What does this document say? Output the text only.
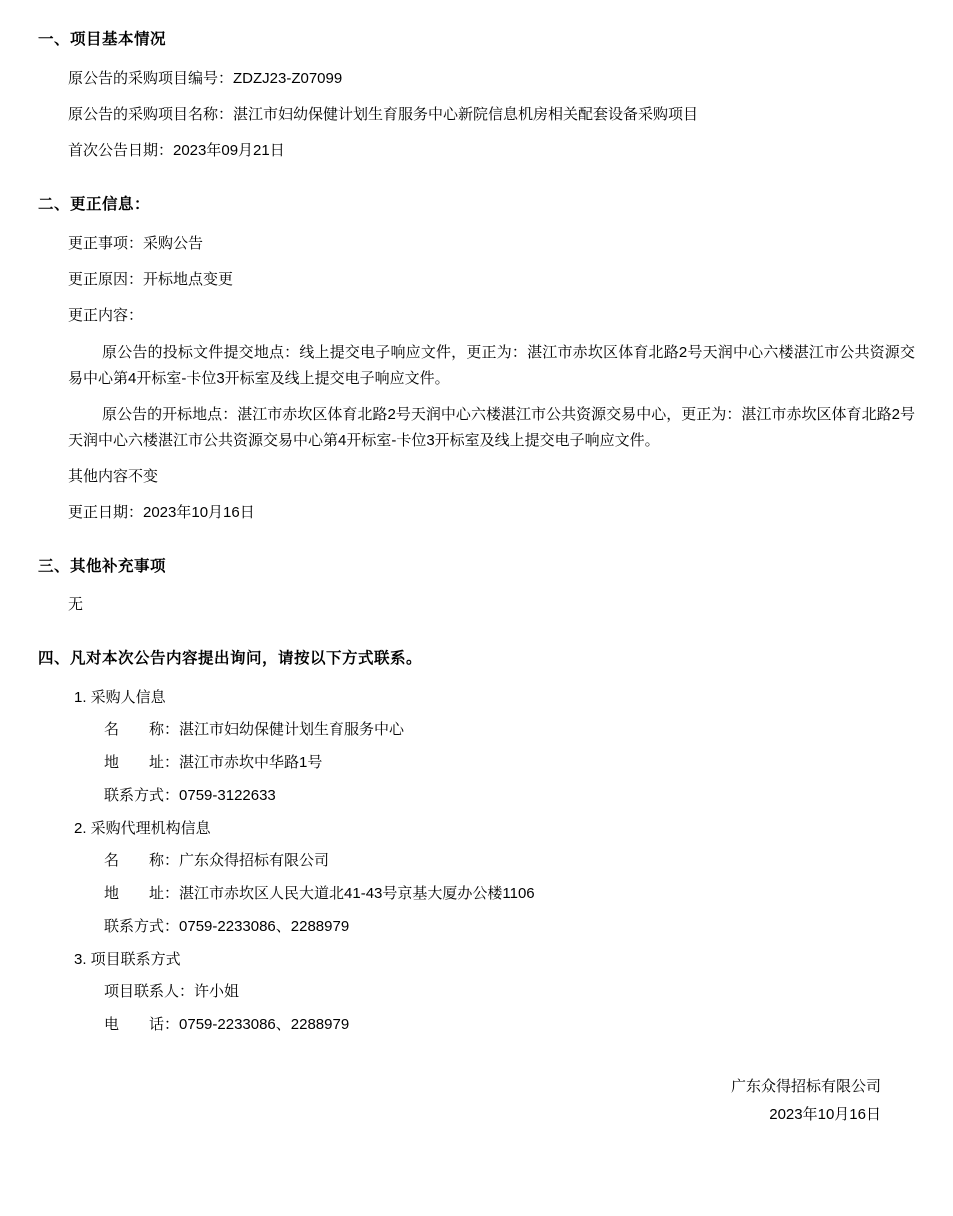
一、项目基本情况
原公告的采购项目编号：ZDZJ23-Z07099
原公告的采购项目名称：湛江市妇幼保健计划生育服务中心新院信息机房相关配套设备采购项目
首次公告日期：2023年09月21日
二、更正信息：
更正事项：采购公告
更正原因：开标地点变更
更正内容：
原公告的投标文件提交地点：线上提交电子响应文件，更正为：湛江市赤坎区体育北路2号天润中心六楼湛江市公共资源交易中心第4开标室-卡位3开标室及线上提交电子响应文件。
原公告的开标地点：湛江市赤坎区体育北路2号天润中心六楼湛江市公共资源交易中心，更正为：湛江市赤坎区体育北路2号天润中心六楼湛江市公共资源交易中心第4开标室-卡位3开标室及线上提交电子响应文件。
其他内容不变
更正日期：2023年10月16日
三、其他补充事项
无
四、凡对本次公告内容提出询问，请按以下方式联系。
1. 采购人信息
名　　称：湛江市妇幼保健计划生育服务中心
地　　址：湛江市赤坎中华路1号
联系方式：0759-3122633
2. 采购代理机构信息
名　　称：广东众得招标有限公司
地　　址：湛江市赤坎区人民大道北41-43号京基大厦办公楼1106
联系方式：0759-2233086、2288979
3. 项目联系方式
项目联系人：许小姐
电　　话：0759-2233086、2288979
广东众得招标有限公司
2023年10月16日
